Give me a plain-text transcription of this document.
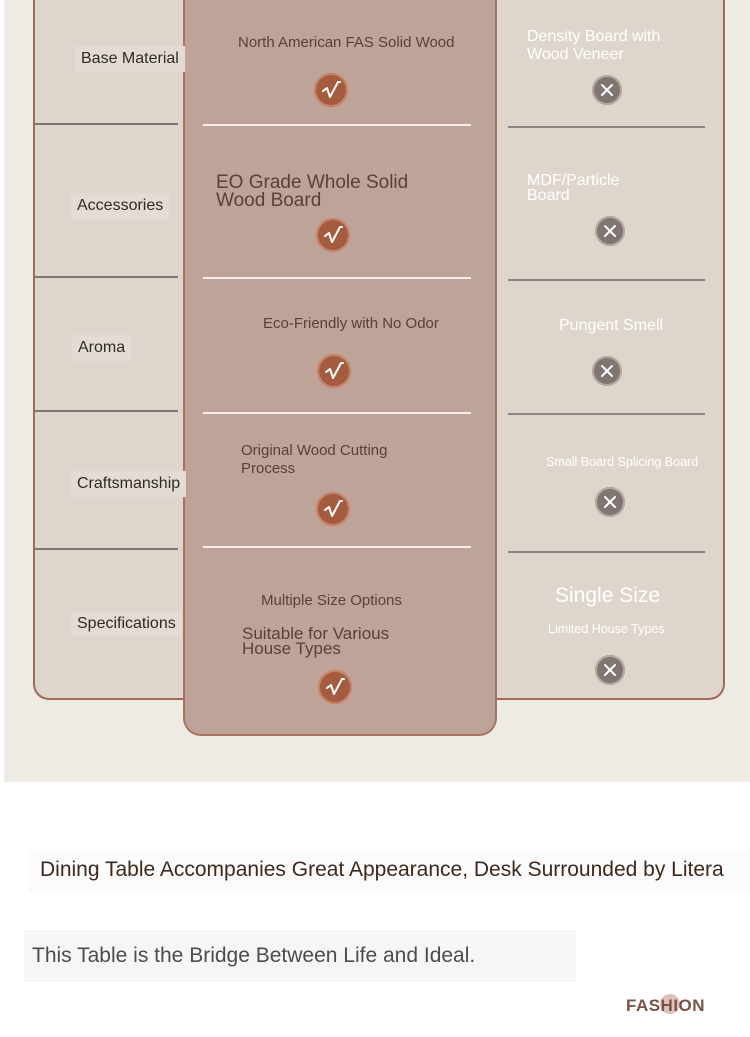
Base Material
Accessories
Aroma
Craftsmanship
Specifications
North American FAS Solid Wood
EO Grade Whole Solid
Wood Board
Eco-Friendly with No Odor
Original Wood Cutting
Process
Multiple Size Options
Suitable for Various
House Types
Density Board with
Wood Veneer
MDF/Particle
Board
Pungent Smell
Small Board Splicing Board
Single Size
Limited House Types
Dining Table Accompanies Great Appearance, Desk Surrounded by Litera
This Table is the Bridge Between Life and Ideal.
FASHION
